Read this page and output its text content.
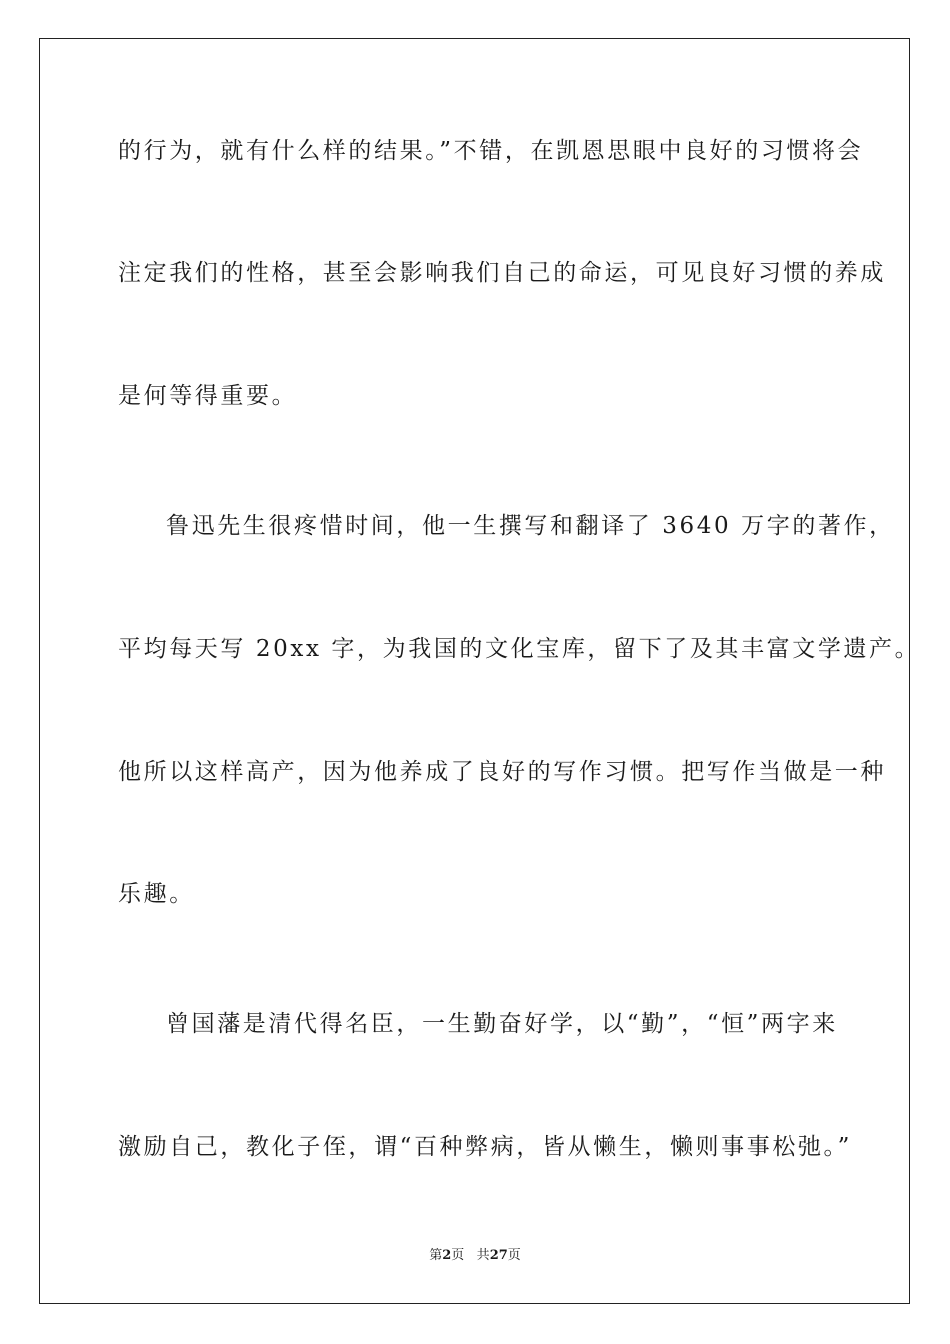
的行为，就有什么样的结果。”不错，在凯恩思眼中良好的习惯将会
注定我们的性格，甚至会影响我们自己的命运，可见良好习惯的养成
是何等得重要。
鲁迅先生很疼惜时间，他一生撰写和翻译了 3640 万字的著作，
平均每天写 20xx 字，为我国的文化宝库，留下了及其丰富文学遗产。
他所以这样高产，因为他养成了良好的写作习惯。把写作当做是一种
乐趣。
曾国藩是清代得名臣，一生勤奋好学，以“勤”，“恒”两字来
激励自己，教化子侄，谓“百种弊病，皆从懒生，懒则事事松弛。”
第2页 共27页
